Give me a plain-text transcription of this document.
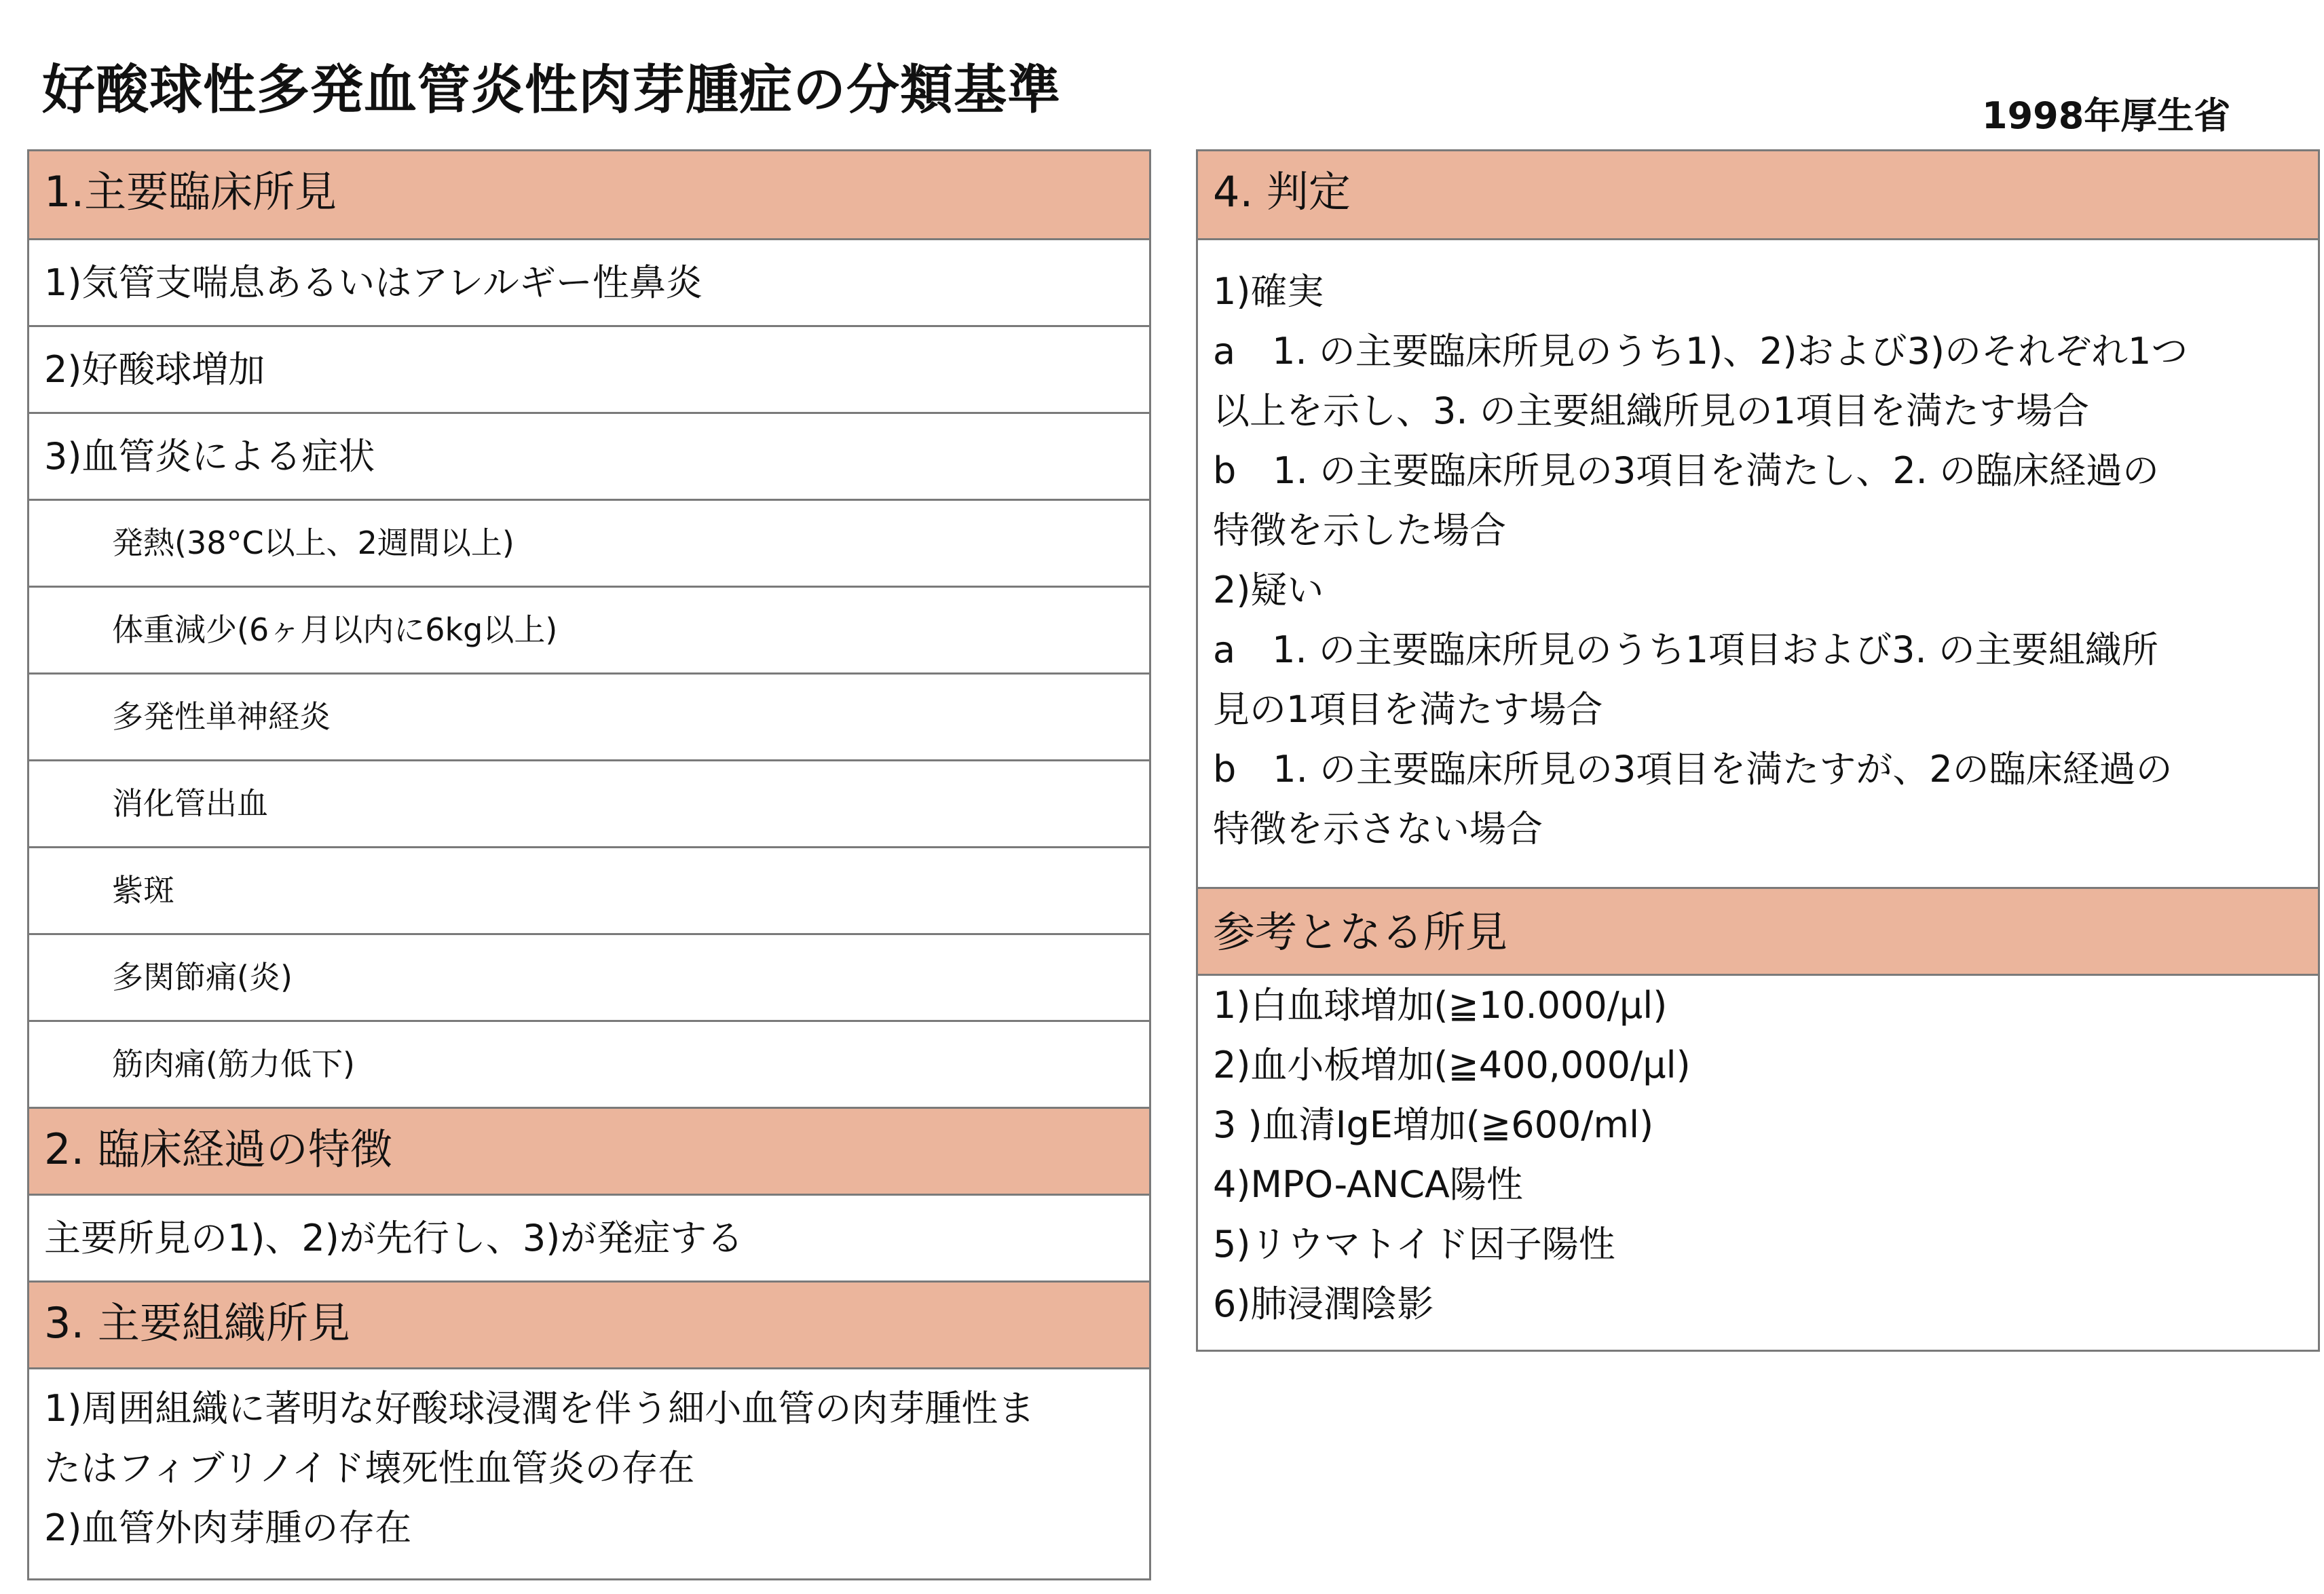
好酸球性多発血管炎性肉芽腫症の分類基準	1998年厚生省
1.主要臨床所見
1)気管支喘息あるいはアレルギー性鼻炎
2)好酸球増加
3)血管炎による症状
発熱(38°C以上、2週間以上)
体重減少(6ヶ月以内に6kg以上)
多発性単神経炎
消化管出血
紫斑
多関節痛(炎)
筋肉痛(筋力低下)
2. 臨床経過の特徴
主要所見の1)、2)が先行し、3)が発症する
3. 主要組織所見
1)周囲組織に著明な好酸球浸潤を伴う細小血管の肉芽腫性ま
たはフィブリノイド壊死性血管炎の存在
2)血管外肉芽腫の存在
4. 判定
1)確実
a　1. の主要臨床所見のうち1)、2)および3)のそれぞれ1つ
以上を示し、3. の主要組織所見の1項目を満たす場合
b　1. の主要臨床所見の3項目を満たし、2. の臨床経過の
特徴を示した場合
2)疑い
a　1. の主要臨床所見のうち1項目および3. の主要組織所
見の1項目を満たす場合
b　1. の主要臨床所見の3項目を満たすが、2の臨床経過の
特徴を示さない場合
参考となる所見
1)白血球増加(≧10.000/μl)
2)血小板増加(≧400,000/μl)
3 )血清IgE増加(≧600/ml)
4)MPO-ANCA陽性
5)リウマトイド因子陽性
6)肺浸潤陰影
